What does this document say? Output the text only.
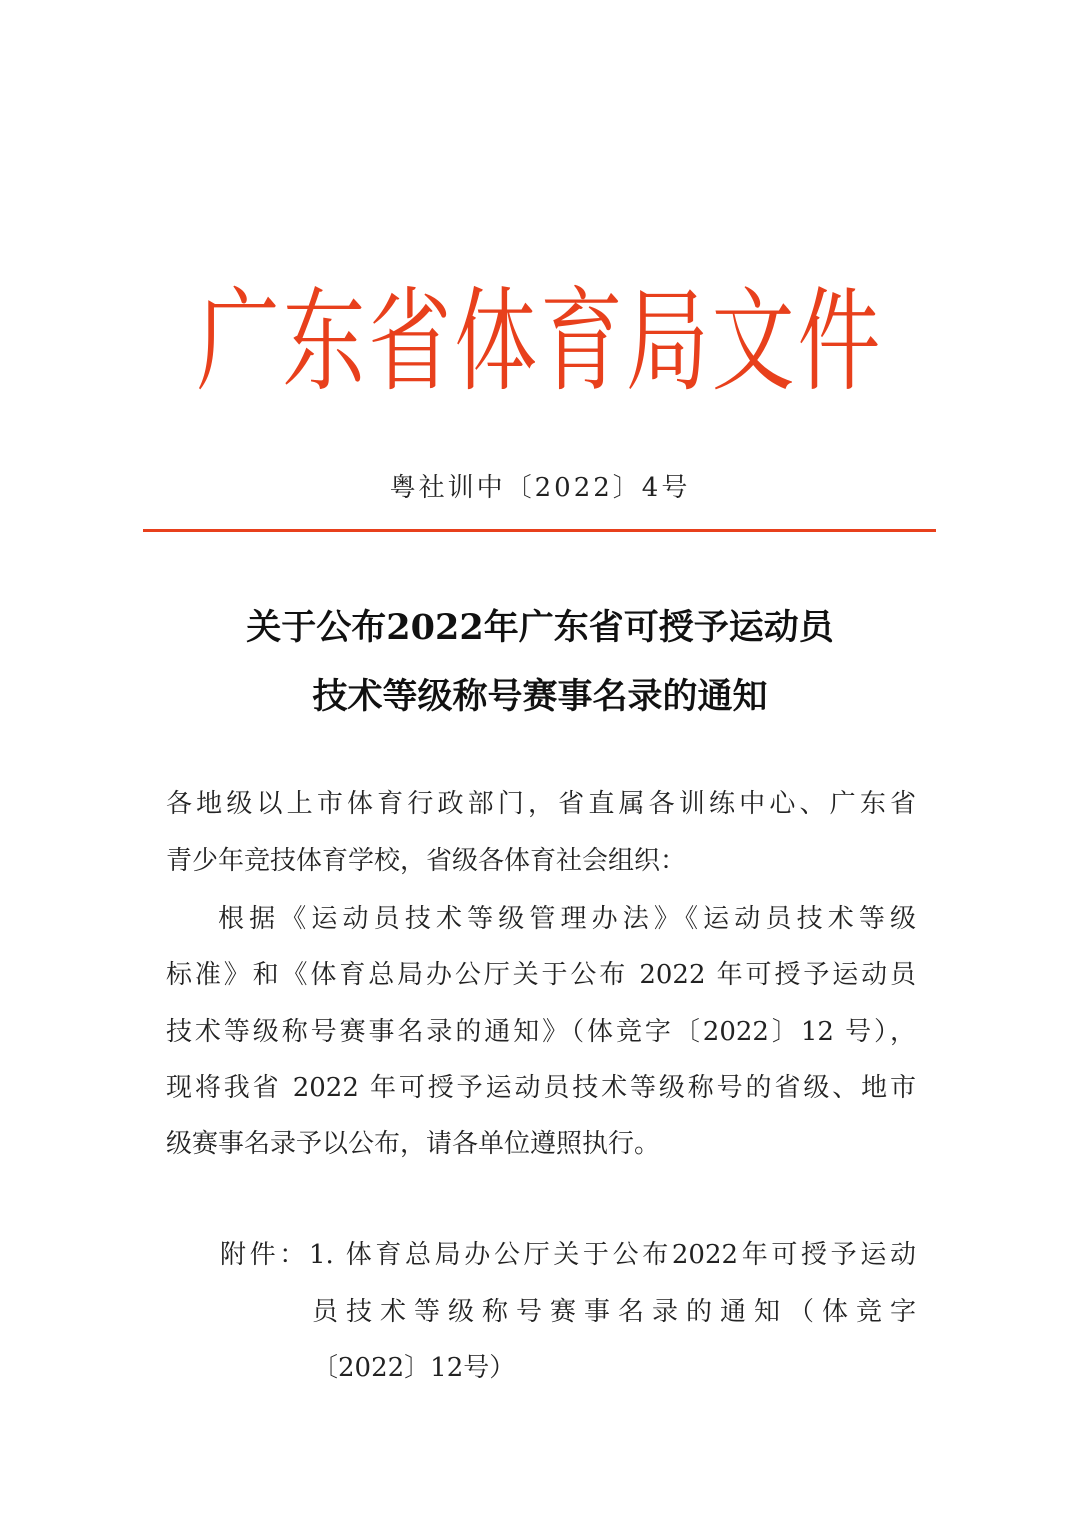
广东省体育局文件
粤社训中〔2022〕4号
关于公布2022年广东省可授予运动员
技术等级称号赛事名录的通知
各地级以上市体育行政部门，省直属各训练中心、广东省
青少年竞技体育学校，省级各体育社会组织：
根据《运动员技术等级管理办法》《运动员技术等级
标准》和《体育总局办公厅关于公布 2022 年可授予运动员
技术等级称号赛事名录的通知》（体竞字〔2022〕12 号），
现将我省 2022 年可授予运动员技术等级称号的省级、地市
级赛事名录予以公布，请各单位遵照执行。
附件：1. 体育总局办公厅关于公布2022年可授予运动
员技术等级称号赛事名录的通知（体竞字
〔2022〕12号）
